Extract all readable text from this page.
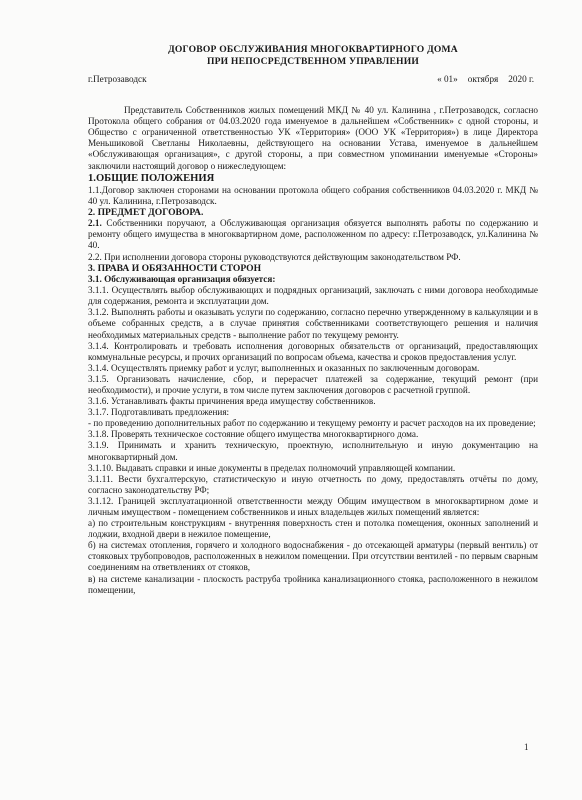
ДОГОВОР ОБСЛУЖИВАНИЯ МНОГОКВАРТИРНОГО ДОМА
ПРИ НЕПОСРЕДСТВЕННОМ УПРАВЛЕНИИ
г.Петрозаводск	« 01» октября 2020 г.

Представитель Собственников жилых помещений МКД № 40 ул. Калинина , г.Петрозаводск, согласно Протокола общего собрания от 04.03.2020 года именуемое в дальнейшем «Собственник» с одной стороны, и Общество с ограниченной ответственностью УК «Территория» (ООО УК «Территория») в лице Директора Меньшиковой Светланы Николаевны, действующего на основании Устава, именуемое в дальнейшем «Обслуживающая организация», с другой стороны, а при совместном упоминании именуемые «Стороны» заключили настоящий договор о нижеследующем:

1.ОБЩИЕ ПОЛОЖЕНИЯ

1.1.Договор заключен сторонами на основании протокола общего собрания собственников 04.03.2020 г. МКД № 40 ул. Калинина, г.Петрозаводск.

2. ПРЕДМЕТ ДОГОВОРА.

2.1. Собственники поручают, а Обслуживающая организация обязуется выполнять работы по содержанию и ремонту общего имущества в многоквартирном доме, расположенном по адресу: г.Петрозаводск, ул.Калинина № 40.

2.2. При исполнении договора стороны руководствуются действующим законодательством РФ.

3. ПРАВА И ОБЯЗАННОСТИ СТОРОН

3.1. Обслуживающая организация обязуется:

3.1.1. Осуществлять выбор обслуживающих и подрядных организаций, заключать с ними договора необходимые для содержания, ремонта и эксплуатации дом.

3.1.2. Выполнять работы и оказывать услуги по содержанию, согласно перечню утвержденному в калькуляции и в объеме собранных средств, а в случае принятия собственниками соответствующего решения и наличия необходимых материальных средств - выполнение работ по текущему ремонту.

3.1.4. Контролировать и требовать исполнения договорных обязательств от организаций, предоставляющих коммунальные ресурсы, и прочих организаций по вопросам объема, качества и сроков предоставления услуг.

3.1.4. Осуществлять приемку работ и услуг, выполненных и оказанных по заключенным договорам.

3.1.5. Организовать начисление, сбор, и перерасчет платежей за содержание, текущий ремонт (при необходимости), и прочие услуги, в том числе путем заключения договоров с расчетной группой.

3.1.6. Устанавливать факты причинения вреда имуществу собственников.

3.1.7. Подготавливать предложения:

- по проведению дополнительных работ по содержанию и текущему ремонту и расчет расходов на их проведение;

3.1.8. Проверять техническое состояние общего имущества многоквартирного дома.

3.1.9. Принимать и хранить техническую, проектную, исполнительную и иную документацию на многоквартирный дом.

3.1.10. Выдавать справки и иные документы в пределах полномочий управляющей компании.

3.1.11. Вести бухгалтерскую, статистическую и иную отчетность по дому, предоставлять отчёты по дому, согласно законодательству РФ;

3.1.12. Границей эксплуатационной ответственности между Общим имуществом в многоквартирном доме и личным имуществом - помещением собственников и иных владельцев жилых помещений является:

а) по строительным конструкциям - внутренняя поверхность стен и потолка помещения, оконных заполнений и лоджии, входной двери в нежилое помещение,

б) на системах отопления, горячего и холодного водоснабжения - до отсекающей арматуры (первый вентиль) от стояковых трубопроводов, расположенных в нежилом помещении. При отсутствии вентилей - по первым сварным соединениям на ответвлениях от стояков,

в) на системе канализации - плоскость раструба тройника канализационного стояка, расположенного в нежилом помещении,

1
